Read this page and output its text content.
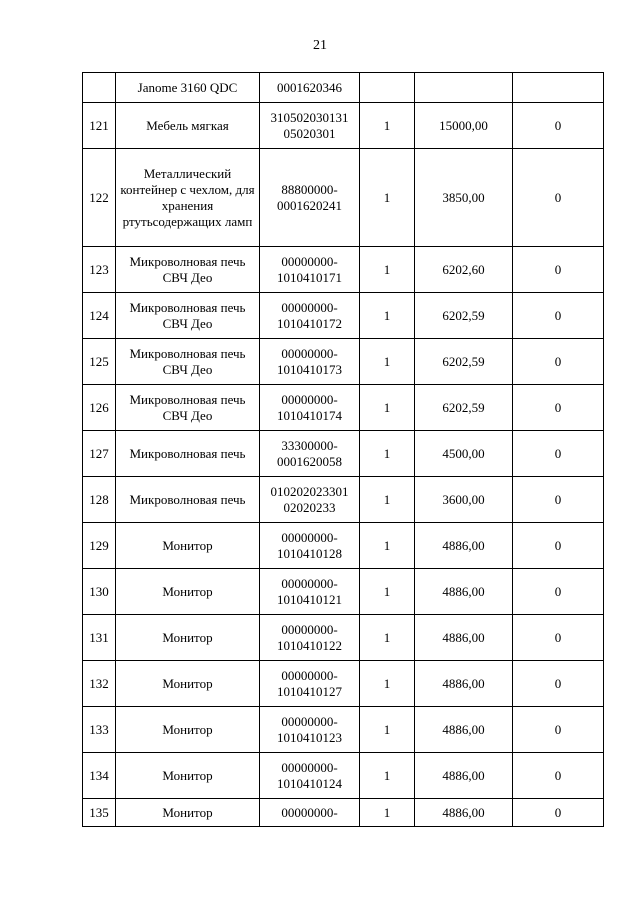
21
	Janome 3160 QDC	0001620346			
121	Мебель мягкая	310502030131 05020301	1	15000,00	0
122	Металлический контейнер с чехлом, для хранения ртутьсодержащих ламп	88800000-0001620241	1	3850,00	0
123	Микроволновая печь СВЧ Део	00000000-1010410171	1	6202,60	0
124	Микроволновая печь СВЧ Део	00000000-1010410172	1	6202,59	0
125	Микроволновая печь СВЧ Део	00000000-1010410173	1	6202,59	0
126	Микроволновая печь СВЧ Део	00000000-1010410174	1	6202,59	0
127	Микроволновая печь	33300000-0001620058	1	4500,00	0
128	Микроволновая печь	010202023301 02020233	1	3600,00	0
129	Монитор	00000000-1010410128	1	4886,00	0
130	Монитор	00000000-1010410121	1	4886,00	0
131	Монитор	00000000-1010410122	1	4886,00	0
132	Монитор	00000000-1010410127	1	4886,00	0
133	Монитор	00000000-1010410123	1	4886,00	0
134	Монитор	00000000-1010410124	1	4886,00	0
135	Монитор	00000000-	1	4886,00	0
